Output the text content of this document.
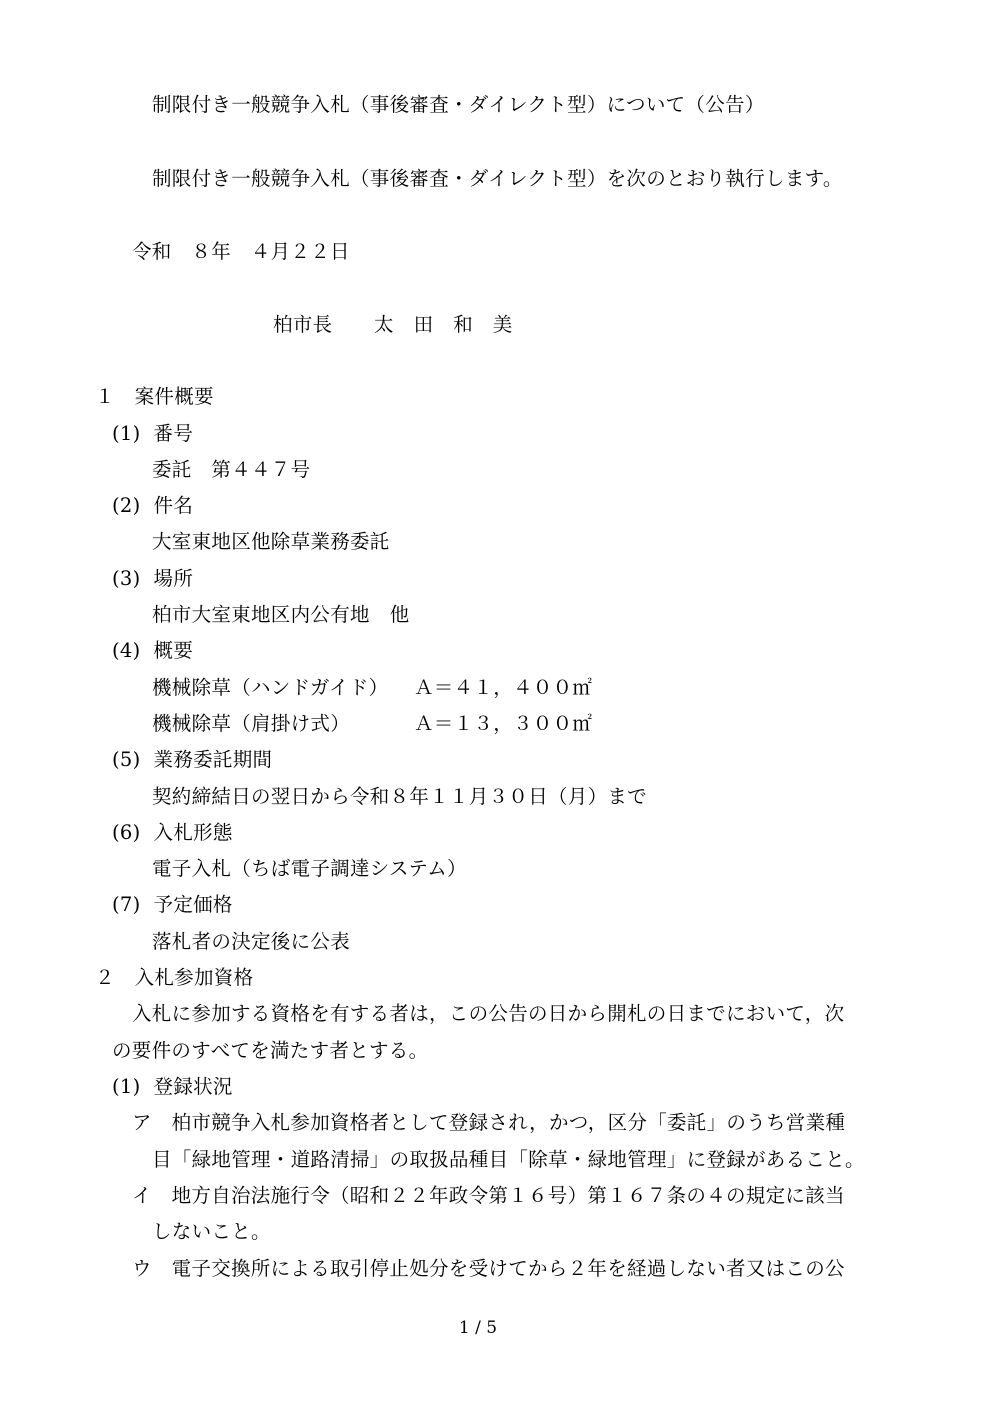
制限付き一般競争入札（事後審査・ダイレクト型）について（公告）
制限付き一般競争入札（事後審査・ダイレクト型）を次のとおり執行します。
令和　８年　４月２２日
柏市長 太　田　和　美
１　案件概要
(1)  番号
委託　第４４７号
(2)  件名
大室東地区他除草業務委託
(3)  場所
柏市大室東地区内公有地　他
(4)  概要
機械除草（ハンドガイド） Ａ＝４１，４００㎡
機械除草（肩掛け式）	Ａ＝１３，３００㎡
(5)  業務委託期間
契約締結日の翌日から令和８年１１月３０日（月）まで
(6)  入札形態
電子入札（ちば電子調達システム）
(7)  予定価格
落札者の決定後に公表
２　入札参加資格
入札に参加する資格を有する者は，この公告の日から開札の日までにおいて，次
の要件のすべてを満たす者とする。
(1)  登録状況
ア　柏市競争入札参加資格者として登録され，かつ，区分「委託」のうち営業種
目「緑地管理・道路清掃」の取扱品種目「除草・緑地管理」に登録があること。
イ　地方自治法施行令（昭和２２年政令第１６号）第１６７条の４の規定に該当
しないこと。
ウ　電子交換所による取引停止処分を受けてから２年を経過しない者又はこの公
1 / 5
